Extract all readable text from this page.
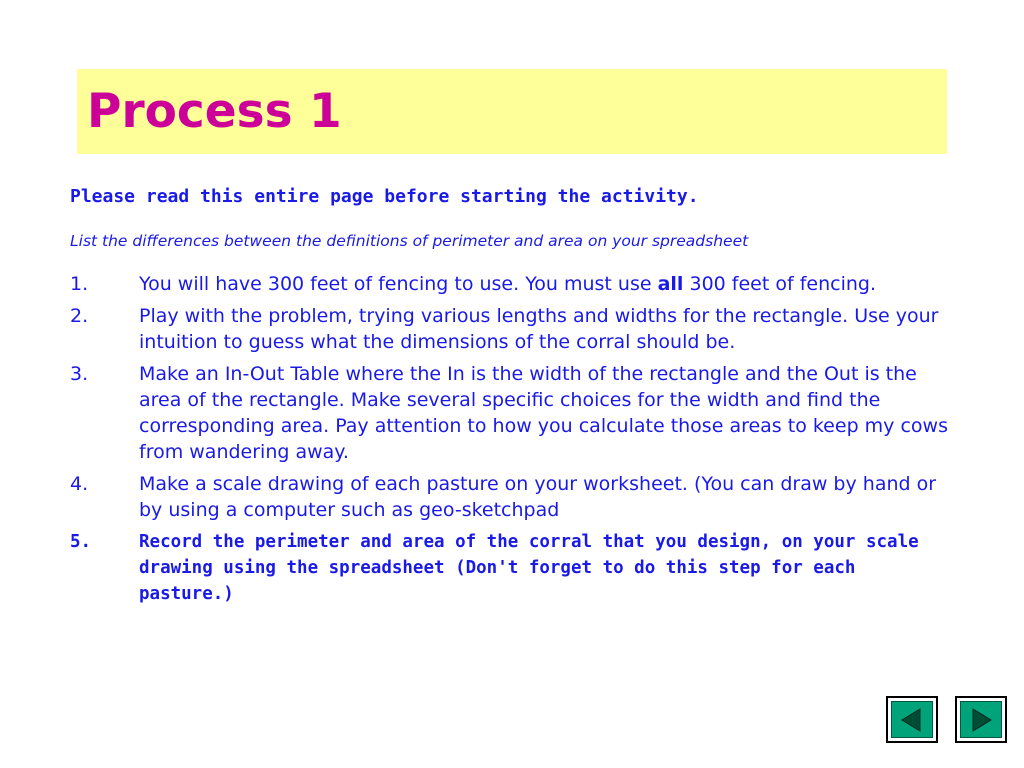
Process 1

Please read this entire page before starting the activity.

List the differences between the definitions of perimeter and area on your spreadsheet

1.	You will have 300 feet of fencing to use. You must use all 300 feet of fencing.
2.	Play with the problem, trying various lengths and widths for the rectangle. Use your intuition to guess what the dimensions of the corral should be.
3.	Make an In-Out Table where the In is the width of the rectangle and the Out is the area of the rectangle. Make several specific choices for the width and find the corresponding area. Pay attention to how you calculate those areas to keep my cows from wandering away.
4.	Make a scale drawing of each pasture on your worksheet. (You can draw by hand or by using a computer such as geo-sketchpad
5.	Record the perimeter and area of the corral that you design, on your scale drawing using the spreadsheet (Don't forget to do this step for each pasture.)
